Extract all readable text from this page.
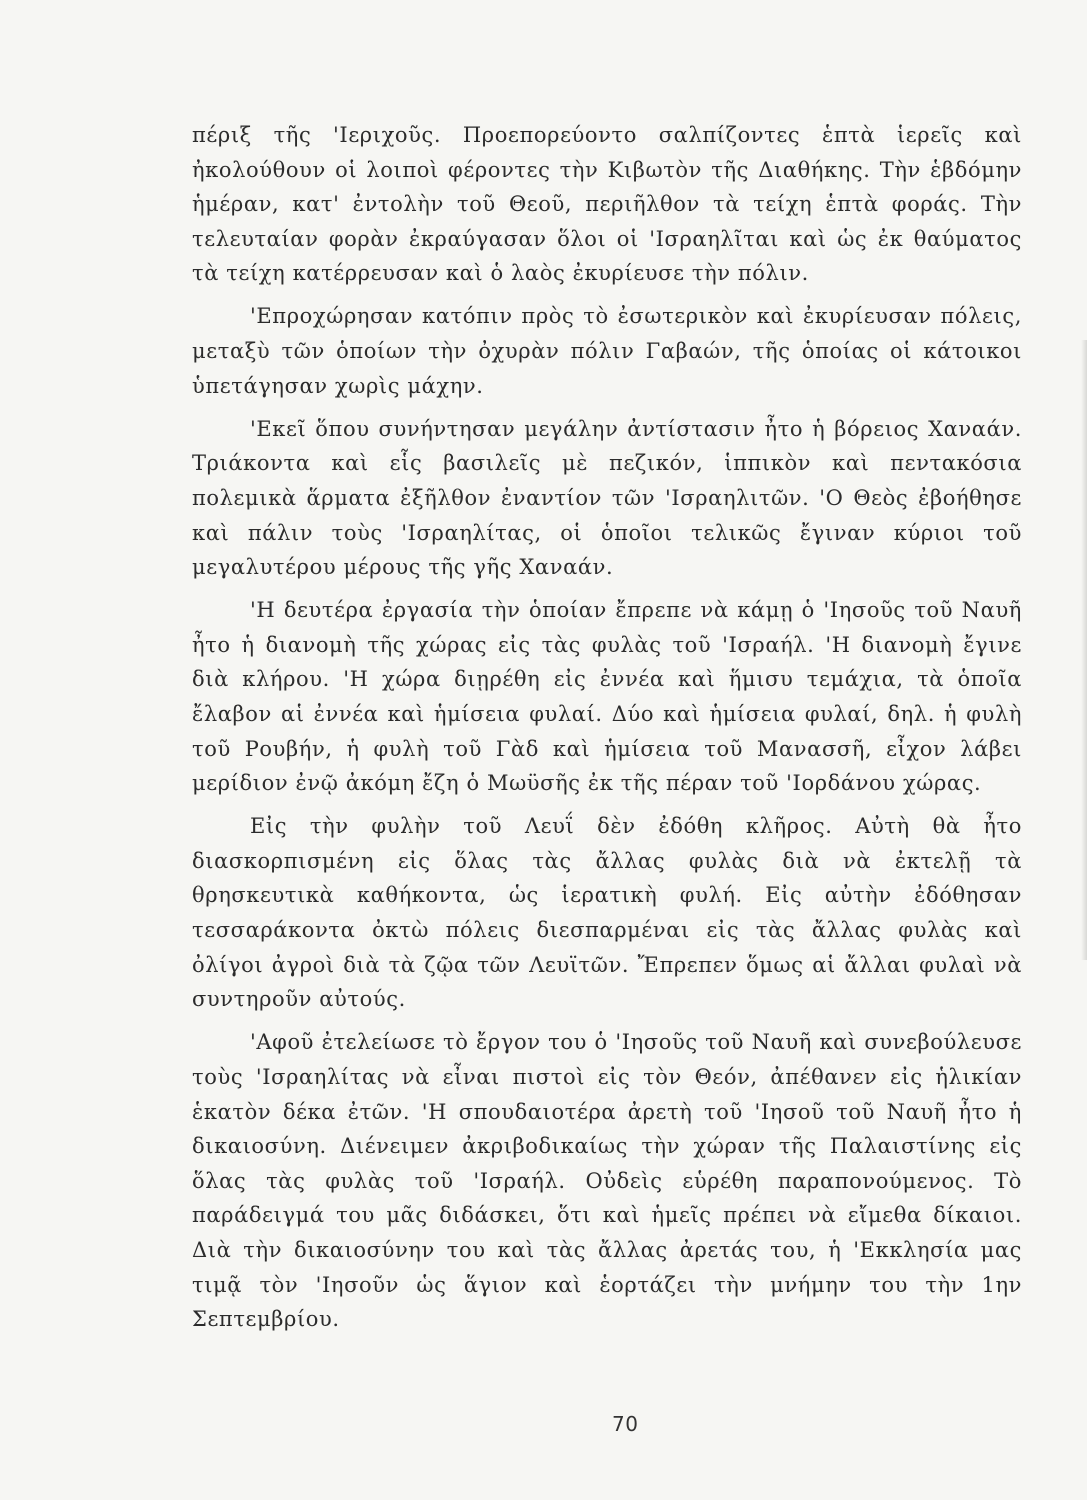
πέριξ τῆς 'Ιεριχοῦς. Προεπορεύοντο σαλπίζοντες ἑπτὰ ἱερεῖς καὶ ἠκολούθουν οἱ λοιποὶ φέροντες τὴν Κιβωτὸν τῆς Διαθήκης. Τὴν ἑβδόμην ἡμέραν, κατ' ἐντολὴν τοῦ Θεοῦ, περιῆλθον τὰ τείχη ἑπτὰ φοράς. Τὴν τελευταίαν φορὰν ἐκραύγασαν ὅλοι οἱ 'Ισραηλῖται καὶ ὡς ἐκ θαύματος τὰ τείχη κατέρρευσαν καὶ ὁ λαὸς ἐκυρίευσε τὴν πόλιν.

'Επροχώρησαν κατόπιν πρὸς τὸ ἐσωτερικὸν καὶ ἐκυρίευσαν πόλεις, μεταξὺ τῶν ὁποίων τὴν ὀχυρὰν πόλιν Γαβαών, τῆς ὁποίας οἱ κάτοικοι ὑπετάγησαν χωρὶς μάχην.

'Εκεῖ ὅπου συνήντησαν μεγάλην ἀντίστασιν ἦτο ἡ βόρειος Χαναάν. Τριάκοντα καὶ εἷς βασιλεῖς μὲ πεζικόν, ἱππικὸν καὶ πεντακόσια πολεμικὰ ἅρματα ἐξῆλθον ἐναντίον τῶν 'Ισραηλιτῶν. 'Ο Θεὸς ἐβοήθησε καὶ πάλιν τοὺς 'Ισραηλίτας, οἱ ὁποῖοι τελικῶς ἔγιναν κύριοι τοῦ μεγαλυτέρου μέρους τῆς γῆς Χαναάν.

'Η δευτέρα ἐργασία τὴν ὁποίαν ἔπρεπε νὰ κάμῃ ὁ 'Ιησοῦς τοῦ Ναυῆ ἦτο ἡ διανομὴ τῆς χώρας εἰς τὰς φυλὰς τοῦ 'Ισραήλ. 'Η διανομὴ ἔγινε διὰ κλήρου. 'Η χώρα διῃρέθη εἰς ἐννέα καὶ ἥμισυ τεμάχια, τὰ ὁποῖα ἔλαβον αἱ ἐννέα καὶ ἡμίσεια φυλαί. Δύο καὶ ἡμίσεια φυλαί, δηλ. ἡ φυλὴ τοῦ Ρουβήν, ἡ φυλὴ τοῦ Γὰδ καὶ ἡμίσεια τοῦ Μανασσῆ, εἶχον λάβει μερίδιον ἐνῷ ἀκόμη ἔζη ὁ Μωϋσῆς ἐκ τῆς πέραν τοῦ 'Ιορδάνου χώρας.

Εἰς τὴν φυλὴν τοῦ Λευΐ δὲν ἐδόθη κλῆρος. Αὐτὴ θὰ ἦτο διασκορπισμένη εἰς ὅλας τὰς ἄλλας φυλὰς διὰ νὰ ἐκτελῇ τὰ θρησκευτικὰ καθήκοντα, ὡς ἱερατικὴ φυλή. Εἰς αὐτὴν ἐδόθησαν τεσσαράκοντα ὀκτὼ πόλεις διεσπαρμέναι εἰς τὰς ἄλλας φυλὰς καὶ ὀλίγοι ἀγροὶ διὰ τὰ ζῷα τῶν Λευϊτῶν. Ἔπρεπεν ὅμως αἱ ἄλλαι φυλαὶ νὰ συντηροῦν αὐτούς.

'Αφοῦ ἐτελείωσε τὸ ἔργον του ὁ 'Ιησοῦς τοῦ Ναυῆ καὶ συνεβούλευσε τοὺς 'Ισραηλίτας νὰ εἶναι πιστοὶ εἰς τὸν Θεόν, ἀπέθανεν εἰς ἡλικίαν ἑκατὸν δέκα ἐτῶν. 'Η σπουδαιοτέρα ἀρετὴ τοῦ 'Ιησοῦ τοῦ Ναυῆ ἦτο ἡ δικαιοσύνη. Διένειμεν ἀκριβοδικαίως τὴν χώραν τῆς Παλαιστίνης εἰς ὅλας τὰς φυλὰς τοῦ 'Ισραήλ. Οὐδεὶς εὑρέθη παραπονούμενος. Τὸ παράδειγμά του μᾶς διδάσκει, ὅτι καὶ ἡμεῖς πρέπει νὰ εἴμεθα δίκαιοι. Διὰ τὴν δικαιοσύνην του καὶ τὰς ἄλλας ἀρετάς του, ἡ 'Εκκλησία μας τιμᾷ τὸν 'Ιησοῦν ὡς ἅγιον καὶ ἑορτάζει τὴν μνήμην του τὴν 1ην Σεπτεμβρίου.

70
